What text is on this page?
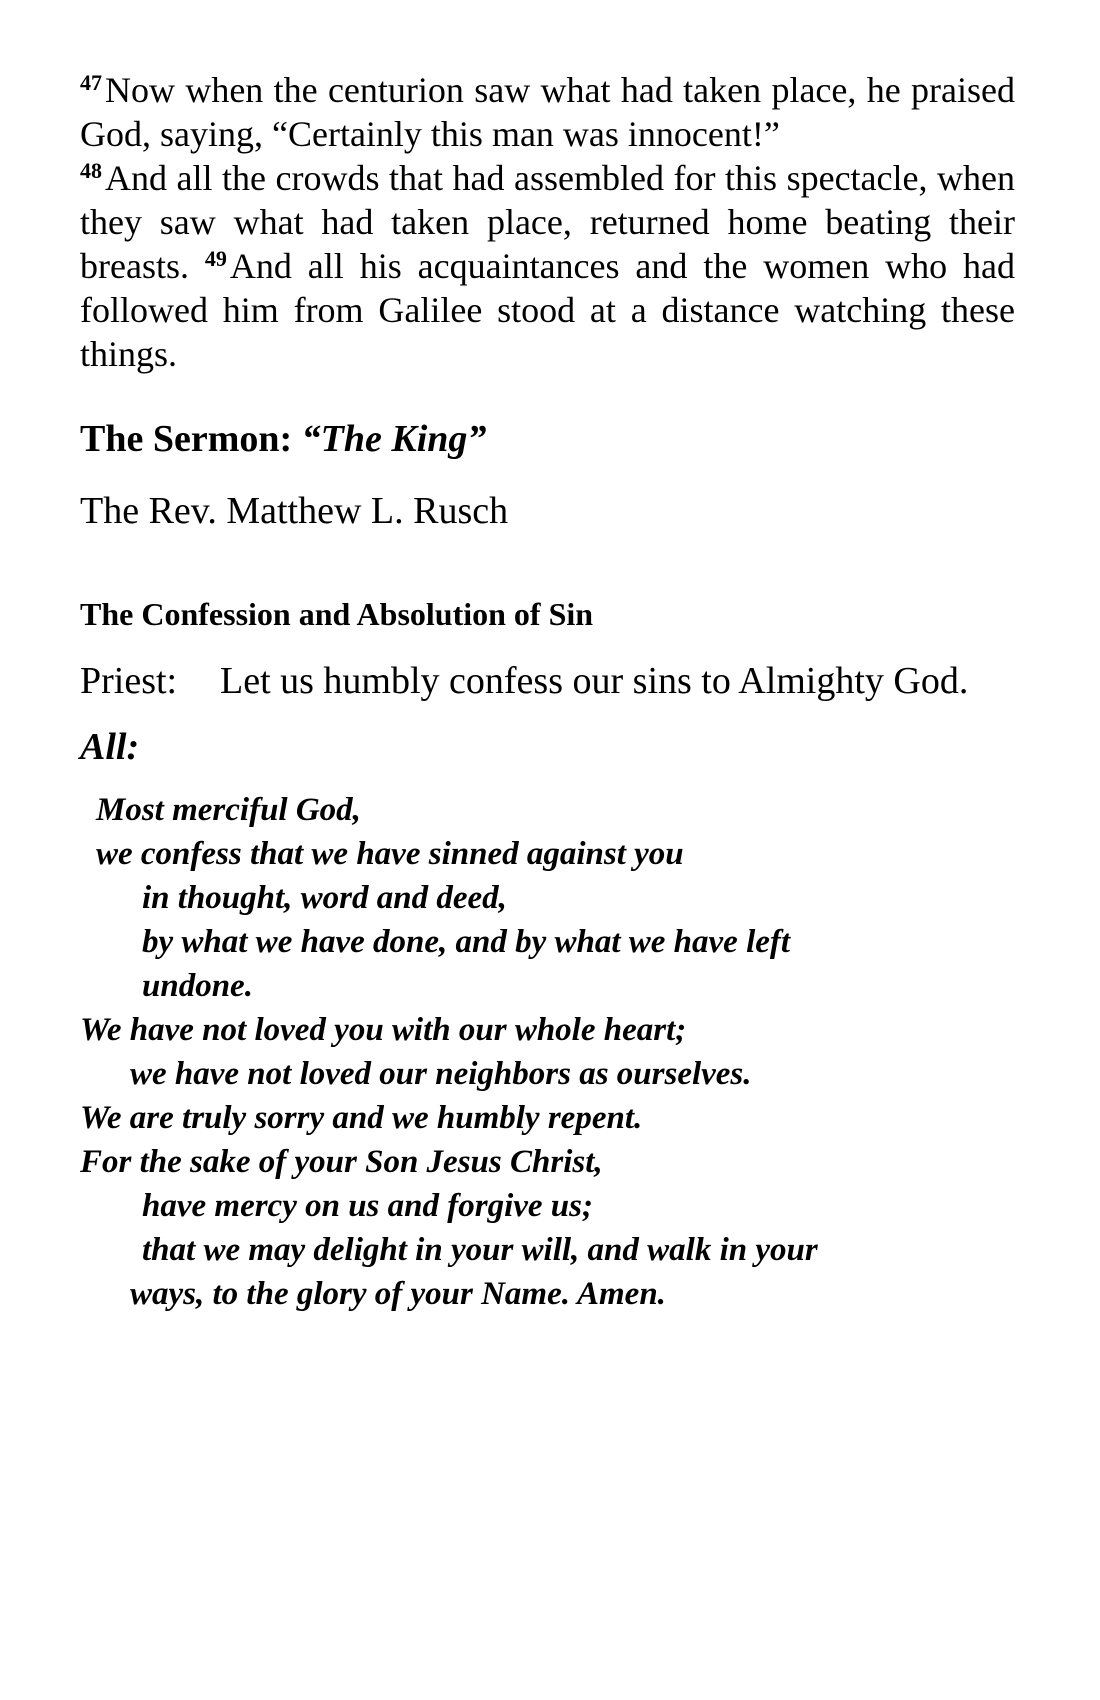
$^{47}$Now when the centurion saw what had taken place, he praised God, saying, “Certainly this man was innocent!”
$^{48}$And all the crowds that had assembled for this spectacle, when they saw what had taken place, returned home beating their breasts. $^{49}$And all his acquaintances and the women who had followed him from Galilee stood at a distance watching these things.

The Sermon: “The King”

The Rev. Matthew L. Rusch

The Confession and Absolution of Sin

Priest: Let us humbly confess our sins to Almighty God.

All:

Most merciful God,
we confess that we have sinned against you
in thought, word and deed,
by what we have done, and by what we have left
undone.
We have not loved you with our whole heart;
we have not loved our neighbors as ourselves.
We are truly sorry and we humbly repent.
For the sake of your Son Jesus Christ,
have mercy on us and forgive us;
that we may delight in your will, and walk in your
ways, to the glory of your Name. Amen.
